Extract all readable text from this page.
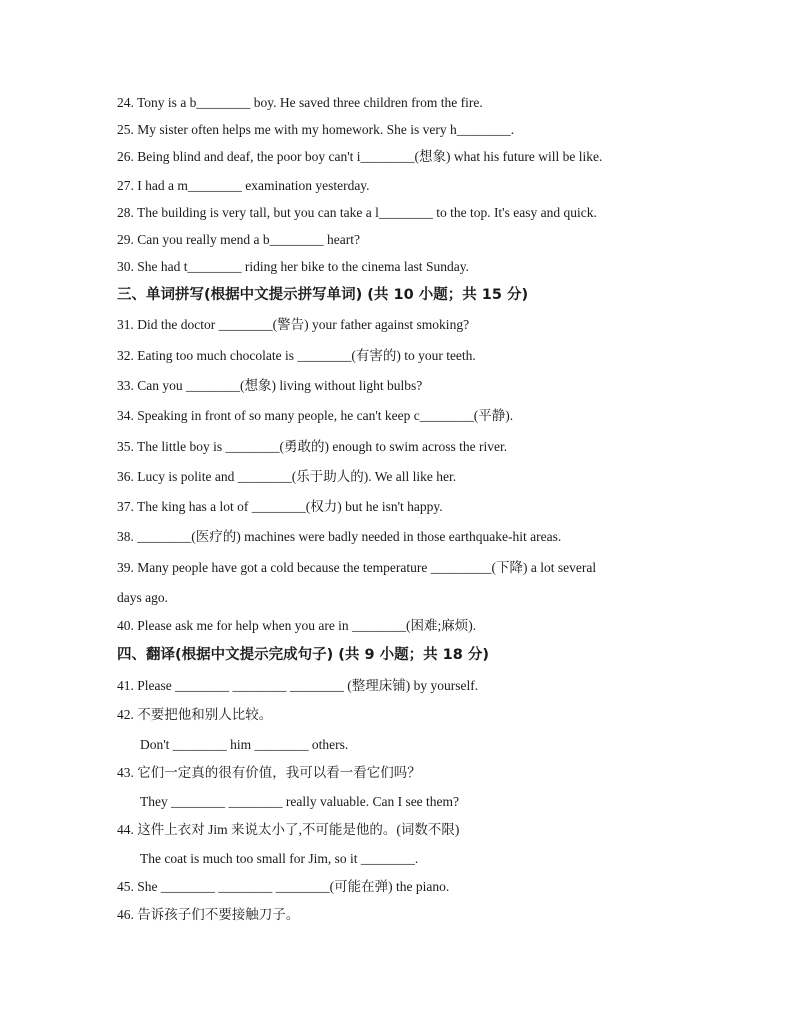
24. Tony is a b________ boy. He saved three children from the fire.
25. My sister often helps me with my homework. She is very h________.
26. Being blind and deaf, the poor boy can't i________(想象) what his future will be like.
27. I had a m________ examination yesterday.
28. The building is very tall, but you can take a l________ to the top. It's easy and quick.
29. Can you really mend a b________ heart?
30. She had t________ riding her bike to the cinema last Sunday.
三、单词拼写(根据中文提示拼写单词) (共 10 小题；共 15 分)
31. Did the doctor ________(警告) your father against smoking?
32. Eating too much chocolate is ________(有害的) to your teeth.
33. Can you ________(想象) living without light bulbs?
34. Speaking in front of so many people, he can't keep c________(平静).
35. The little boy is ________(勇敢的) enough to swim across the river.
36. Lucy is polite and ________(乐于助人的). We all like her.
37. The king has a lot of ________(权力) but he isn't happy.
38. ________(医疗的) machines were badly needed in those earthquake-hit areas.
39. Many people have got a cold because the temperature _________(下降) a lot several
days ago.
40. Please ask me for help when you are in ________(困难;麻烦).
四、翻译(根据中文提示完成句子) (共 9 小题；共 18 分)
41. Please ________ ________ ________ (整理床铺) by yourself.
42. 不要把他和别人比较。
Don't ________ him ________ others.
43. 它们一定真的很有价值，我可以看一看它们吗？
They ________ ________ really valuable. Can I see them?
44. 这件上衣对 Jim 来说太小了,不可能是他的。(词数不限)
The coat is much too small for Jim, so it ________.
45. She ________ ________ ________(可能在弹) the piano.
46. 告诉孩子们不要接触刀子。
